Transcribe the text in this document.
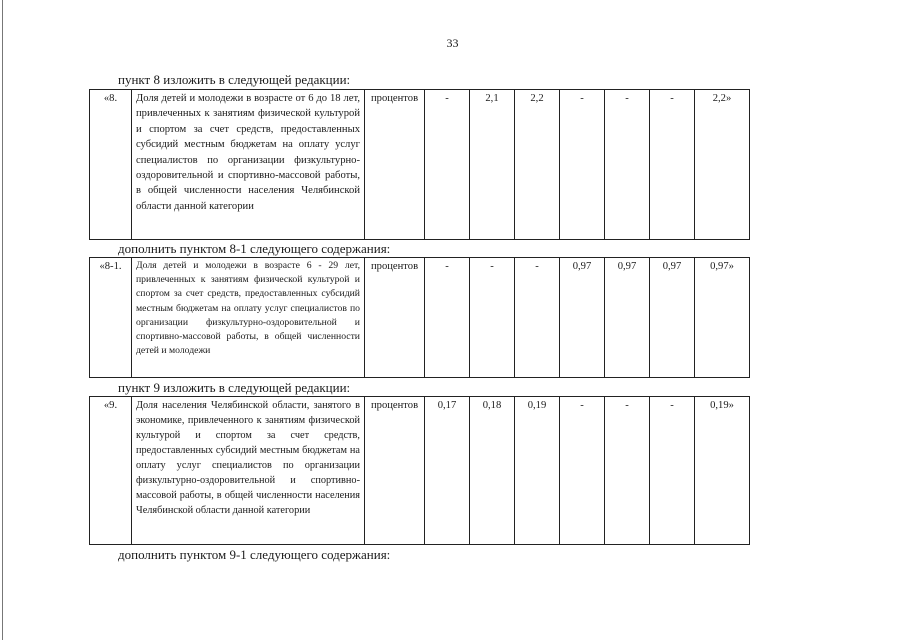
33
пункт 8 изложить в следующей редакции:
«8.	Доля детей и молодежи в возрасте от 6 до 18 лет, привлеченных к занятиям физической культурой и спортом за счет средств, предоставленных субсидий местным бюджетам на оплату услуг специалистов по организации физкультурно-оздоровительной и спортивно-массовой работы, в общей численности населения Челябинской области данной категории	процентов	-	2,1	2,2	-	-	-	2,2»
дополнить пунктом 8-1 следующего содержания:
«8-1.	Доля детей и молодежи в возрасте 6 - 29 лет, привлеченных к занятиям физической культурой и спортом за счет средств, предоставленных субсидий местным бюджетам на оплату услуг специалистов по организации физкультурно-оздоровительной и спортивно-массовой работы, в общей численности детей и молодежи	процентов	-	-	-	0,97	0,97	0,97	0,97»
пункт 9 изложить в следующей редакции:
«9.	Доля населения Челябинской области, занятого в экономике, привлеченного к занятиям физической культурой и спортом за счет средств, предоставленных субсидий местным бюджетам на оплату услуг специалистов по организации физкультурно-оздоровительной и спортивно-массовой работы, в общей численности населения Челябинской области данной категории	процентов	0,17	0,18	0,19	-	-	-	0,19»
дополнить пунктом 9-1 следующего содержания:
